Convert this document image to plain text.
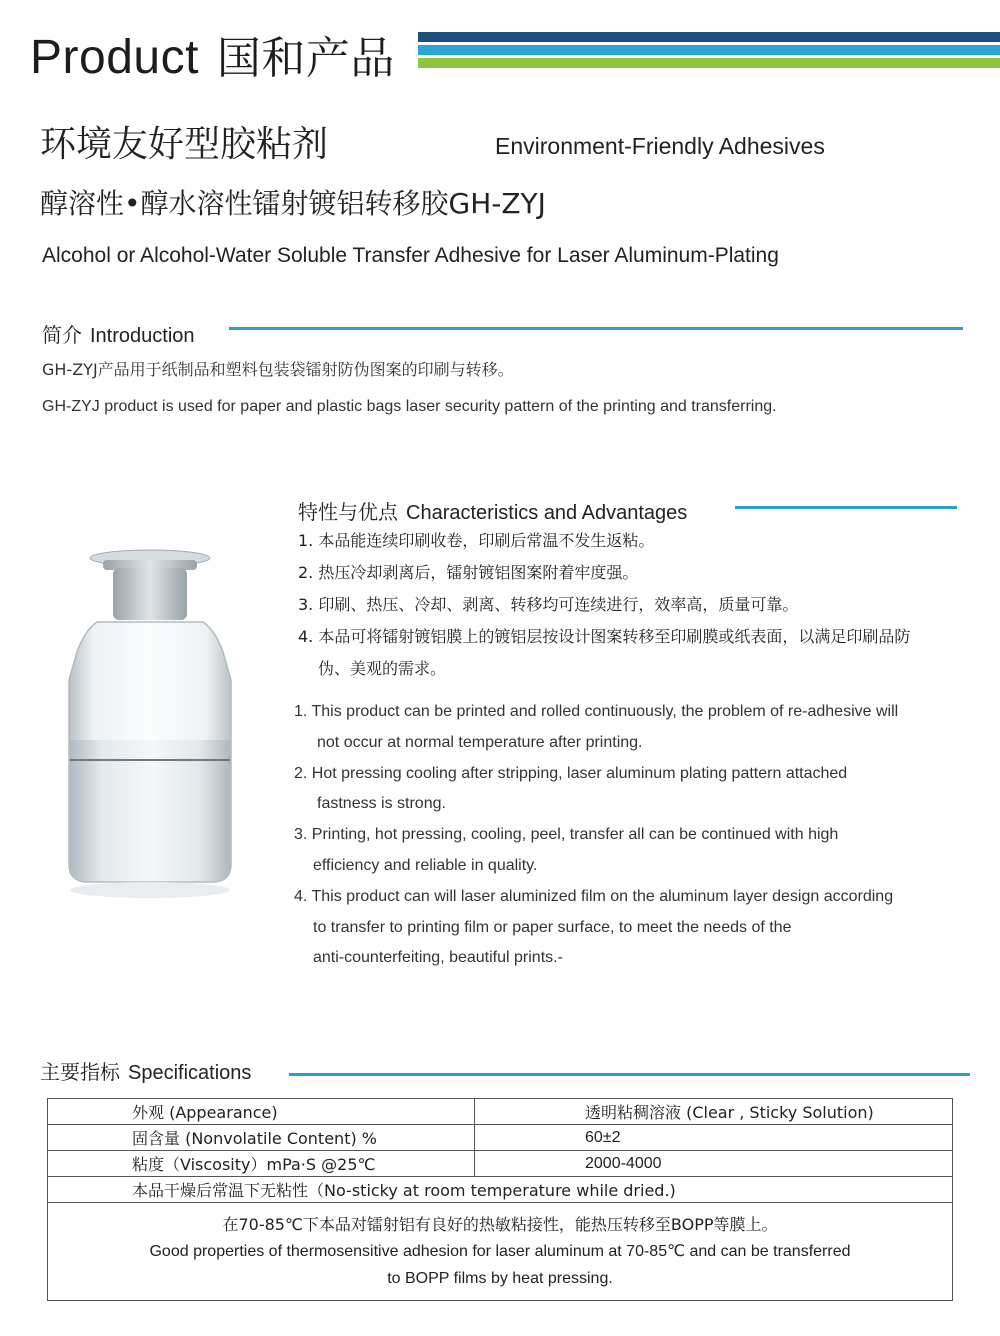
Product 国和产品
环境友好型胶粘剂	Environment-Friendly Adhesives
醇溶性•醇水溶性镭射镀铝转移胶GH-ZYJ
Alcohol or Alcohol-Water Soluble Transfer Adhesive for Laser Aluminum-Plating
简介 Introduction
GH-ZYJ产品用于纸制品和塑料包装袋镭射防伪图案的印刷与转移。
GH-ZYJ product is used for paper and plastic bags laser security pattern of the printing and transferring.
特性与优点 Characteristics and Advantages
1. 本品能连续印刷收卷，印刷后常温不发生返粘。
2. 热压冷却剥离后，镭射镀铝图案附着牢度强。
3. 印刷、热压、冷却、剥离、转移均可连续进行，效率高，质量可靠。
4. 本品可将镭射镀铝膜上的镀铝层按设计图案转移至印刷膜或纸表面，以满足印刷品防
伪、美观的需求。
1. This product can be printed and rolled continuously, the problem of re-adhesive will
not occur at normal temperature after printing.
2. Hot pressing cooling after stripping, laser aluminum plating pattern attached
fastness is strong.
3. Printing, hot pressing, cooling, peel, transfer all can be continued with high
efficiency and reliable in quality.
4. This product can will laser aluminized film on the aluminum layer design according
to transfer to printing film or paper surface, to meet the needs of the
anti-counterfeiting, beautiful prints.-
主要指标 Specifications
外观 (Appearance)	透明粘稠溶液 (Clear , Sticky Solution)
固含量 (Nonvolatile Content) %	60±2
粘度（Viscosity）mPa·S @25℃	2000-4000
本品干燥后常温下无粘性（No-sticky at room temperature while dried.)	

在70-85℃下本品对镭射铝有良好的热敏粘接性，能热压转移至BOPP等膜上。
Good properties of thermosensitive adhesion for laser aluminum at 70-85℃ and can be transferred
to BOPP films by heat pressing.	
